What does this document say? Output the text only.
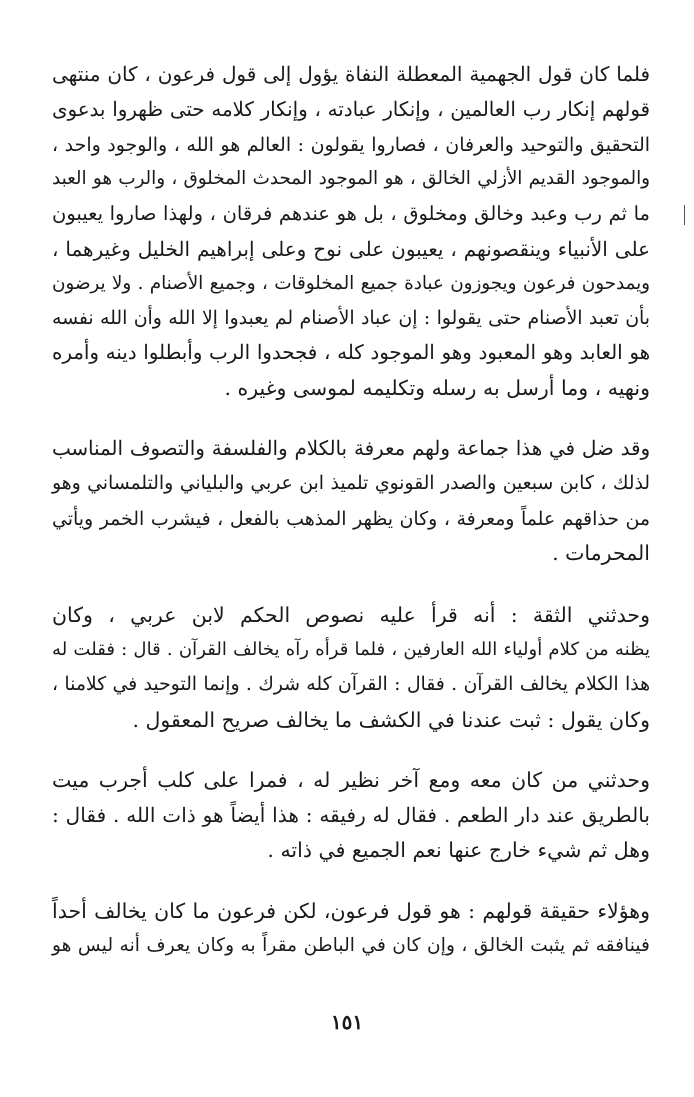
فلما كان قول الجهمية المعطلة النفاة يؤول إلى قول فرعون ، كان منتهى
قولهم إنكار رب العالمين ، وإنكار عبادته ، وإنكار كلامه حتى ظهروا بدعوى
التحقيق والتوحيد والعرفان ، فصاروا يقولون : العالم هو الله ، والوجود واحد ،
والموجود القديم الأزلي الخالق ، هو الموجود المحدث المخلوق ، والرب هو العبد
ما ثم رب وعبد وخالق ومخلوق ، بل هو عندهم فرقان ، ولهذا صاروا يعيبون
على الأنبياء وينقصونهم ، يعيبون على نوح وعلى إبراهيم الخليل وغيرهما ،
ويمدحون فرعون ويجوزون عبادة جميع المخلوقات ، وجميع الأصنام . ولا يرضون
بأن تعبد الأصنام حتى يقولوا : إن عباد الأصنام لم يعبدوا إلا الله وأن الله نفسه
هو العابد وهو المعبود وهو الموجود كله ، فجحدوا الرب وأبطلوا دينه وأمره
ونهيه ، وما أرسل به رسله وتكليمه لموسى وغيره .
وقد ضل في هذا جماعة ولهم معرفة بالكلام والفلسفة والتصوف المناسب
لذلك ، كابن سبعين والصدر القونوي تلميذ ابن عربي والبلياني والتلمساني وهو
من حذاقهم علماً ومعرفة ، وكان يظهر المذهب بالفعل ، فيشرب الخمر ويأتي
المحرمات .
وحدثني الثقة : أنه قرأ عليه نصوص الحكم لابن عربي ، وكان
يظنه من كلام أولياء الله العارفين ، فلما قرأه رآه يخالف القرآن . قال : فقلت له
هذا الكلام يخالف القرآن . فقال : القرآن كله شرك . وإنما التوحيد في كلامنا ،
وكان يقول : ثبت عندنا في الكشف ما يخالف صريح المعقول .
وحدثني من كان معه ومع آخر نظير له ، فمرا على كلب أجرب ميت
بالطريق عند دار الطعم . فقال له رفيقه : هذا أيضاً هو ذات الله . فقال :
وهل ثم شيء خارج عنها نعم الجميع في ذاته .
وهؤلاء حقيقة قولهم : هو قول فرعون، لكن فرعون ما كان يخالف أحداً
فينافقه ثم يثبت الخالق ، وإن كان في الباطن مقراً به وكان يعرف أنه ليس هو
١٥١
